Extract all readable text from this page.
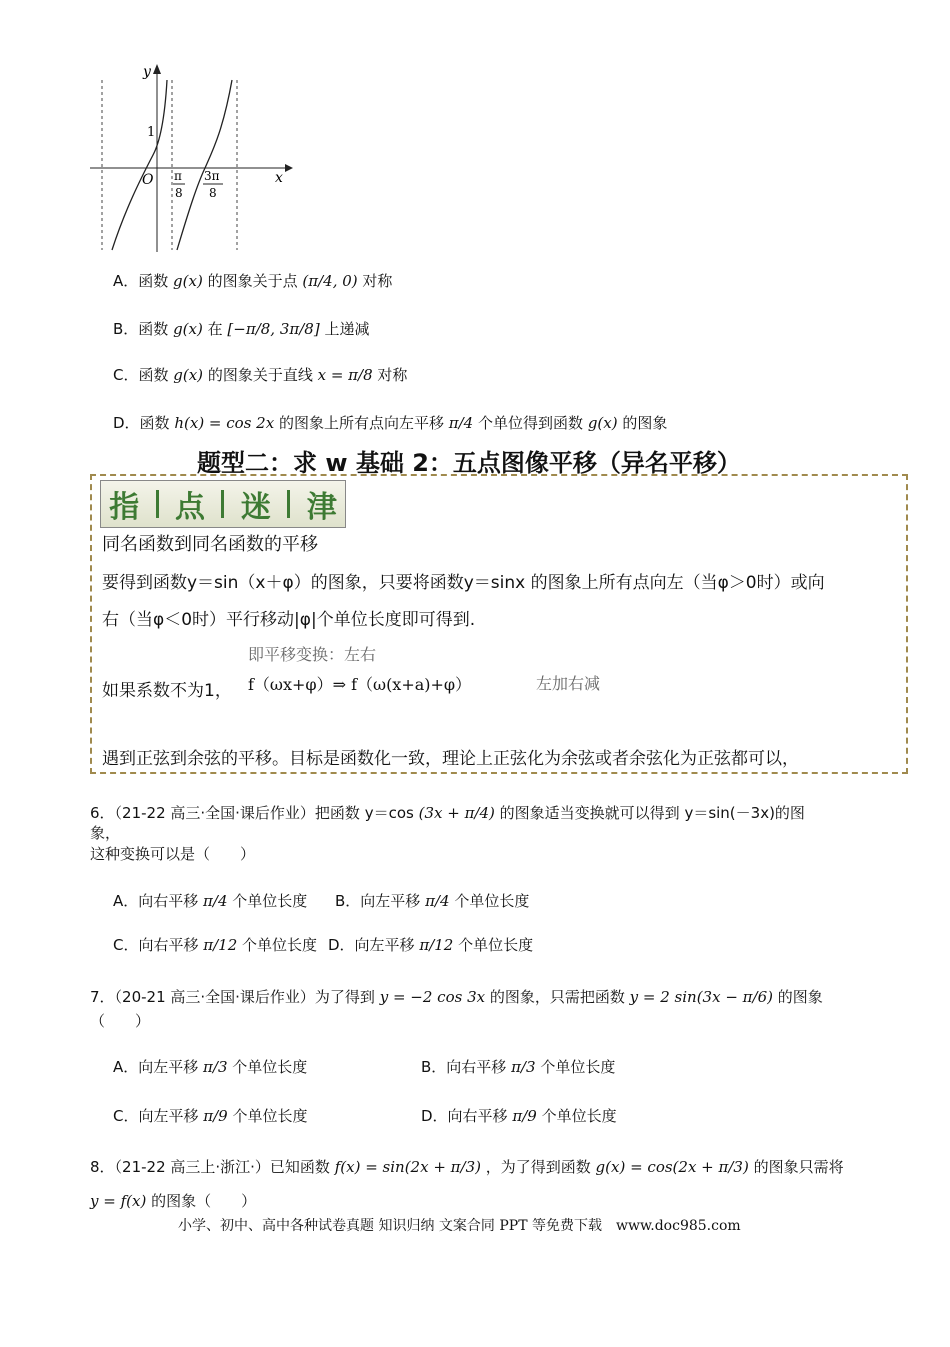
y
x
1
O π
8
3π
8
A．函数 g(x) 的图象关于点 (π/4, 0) 对称
B．函数 g(x) 在 [−π/8, 3π/8] 上递减
C．函数 g(x) 的图象关于直线 x = π/8 对称
D．函数 h(x) = cos 2x 的图象上所有点向左平移 π/4 个单位得到函数 g(x) 的图象
题型二：求 w 基础 2：五点图像平移（异名平移）
指 点 迷 津
同名函数到同名函数的平移
要得到函数y＝sin（x＋φ）的图象，只要将函数y＝sinx 的图象上所有点向左（当φ＞0时）或向
右（当φ＜0时）平行移动|φ|个单位长度即可得到.
即平移变换：左右
如果系数不为1， f（ωx+φ）⇒ f（ω(x+a)+φ）	左加右减
遇到正弦到余弦的平移。目标是函数化一致，理论上正弦化为余弦或者余弦化为正弦都可以，
6．（21-22 高三·全国·课后作业）把函数 y＝cos (3x + π/4) 的图象适当变换就可以得到 y＝sin(－3x)的图
象，
这种变换可以是（　　）
A．向右平移 π/4 个单位长度 B．向左平移 π/4 个单位长度
C．向右平移 π/12 个单位长度 D．向左平移 π/12 个单位长度
7．（20-21 高三·全国·课后作业）为了得到 y = −2 cos 3x 的图象，只需把函数 y = 2 sin(3x − π/6) 的图象
（　　）
A．向左平移 π/3 个单位长度	B．向右平移 π/3 个单位长度
C．向左平移 π/9 个单位长度	D．向右平移 π/9 个单位长度
8．（21-22 高三上·浙江·）已知函数 f(x) = sin(2x + π/3) ，为了得到函数 g(x) = cos(2x + π/3) 的图象只需将
y = f(x) 的图象（　　）
小学、初中、高中各种试卷真题 知识归纳 文案合同 PPT 等免费下载　www.doc985.com
